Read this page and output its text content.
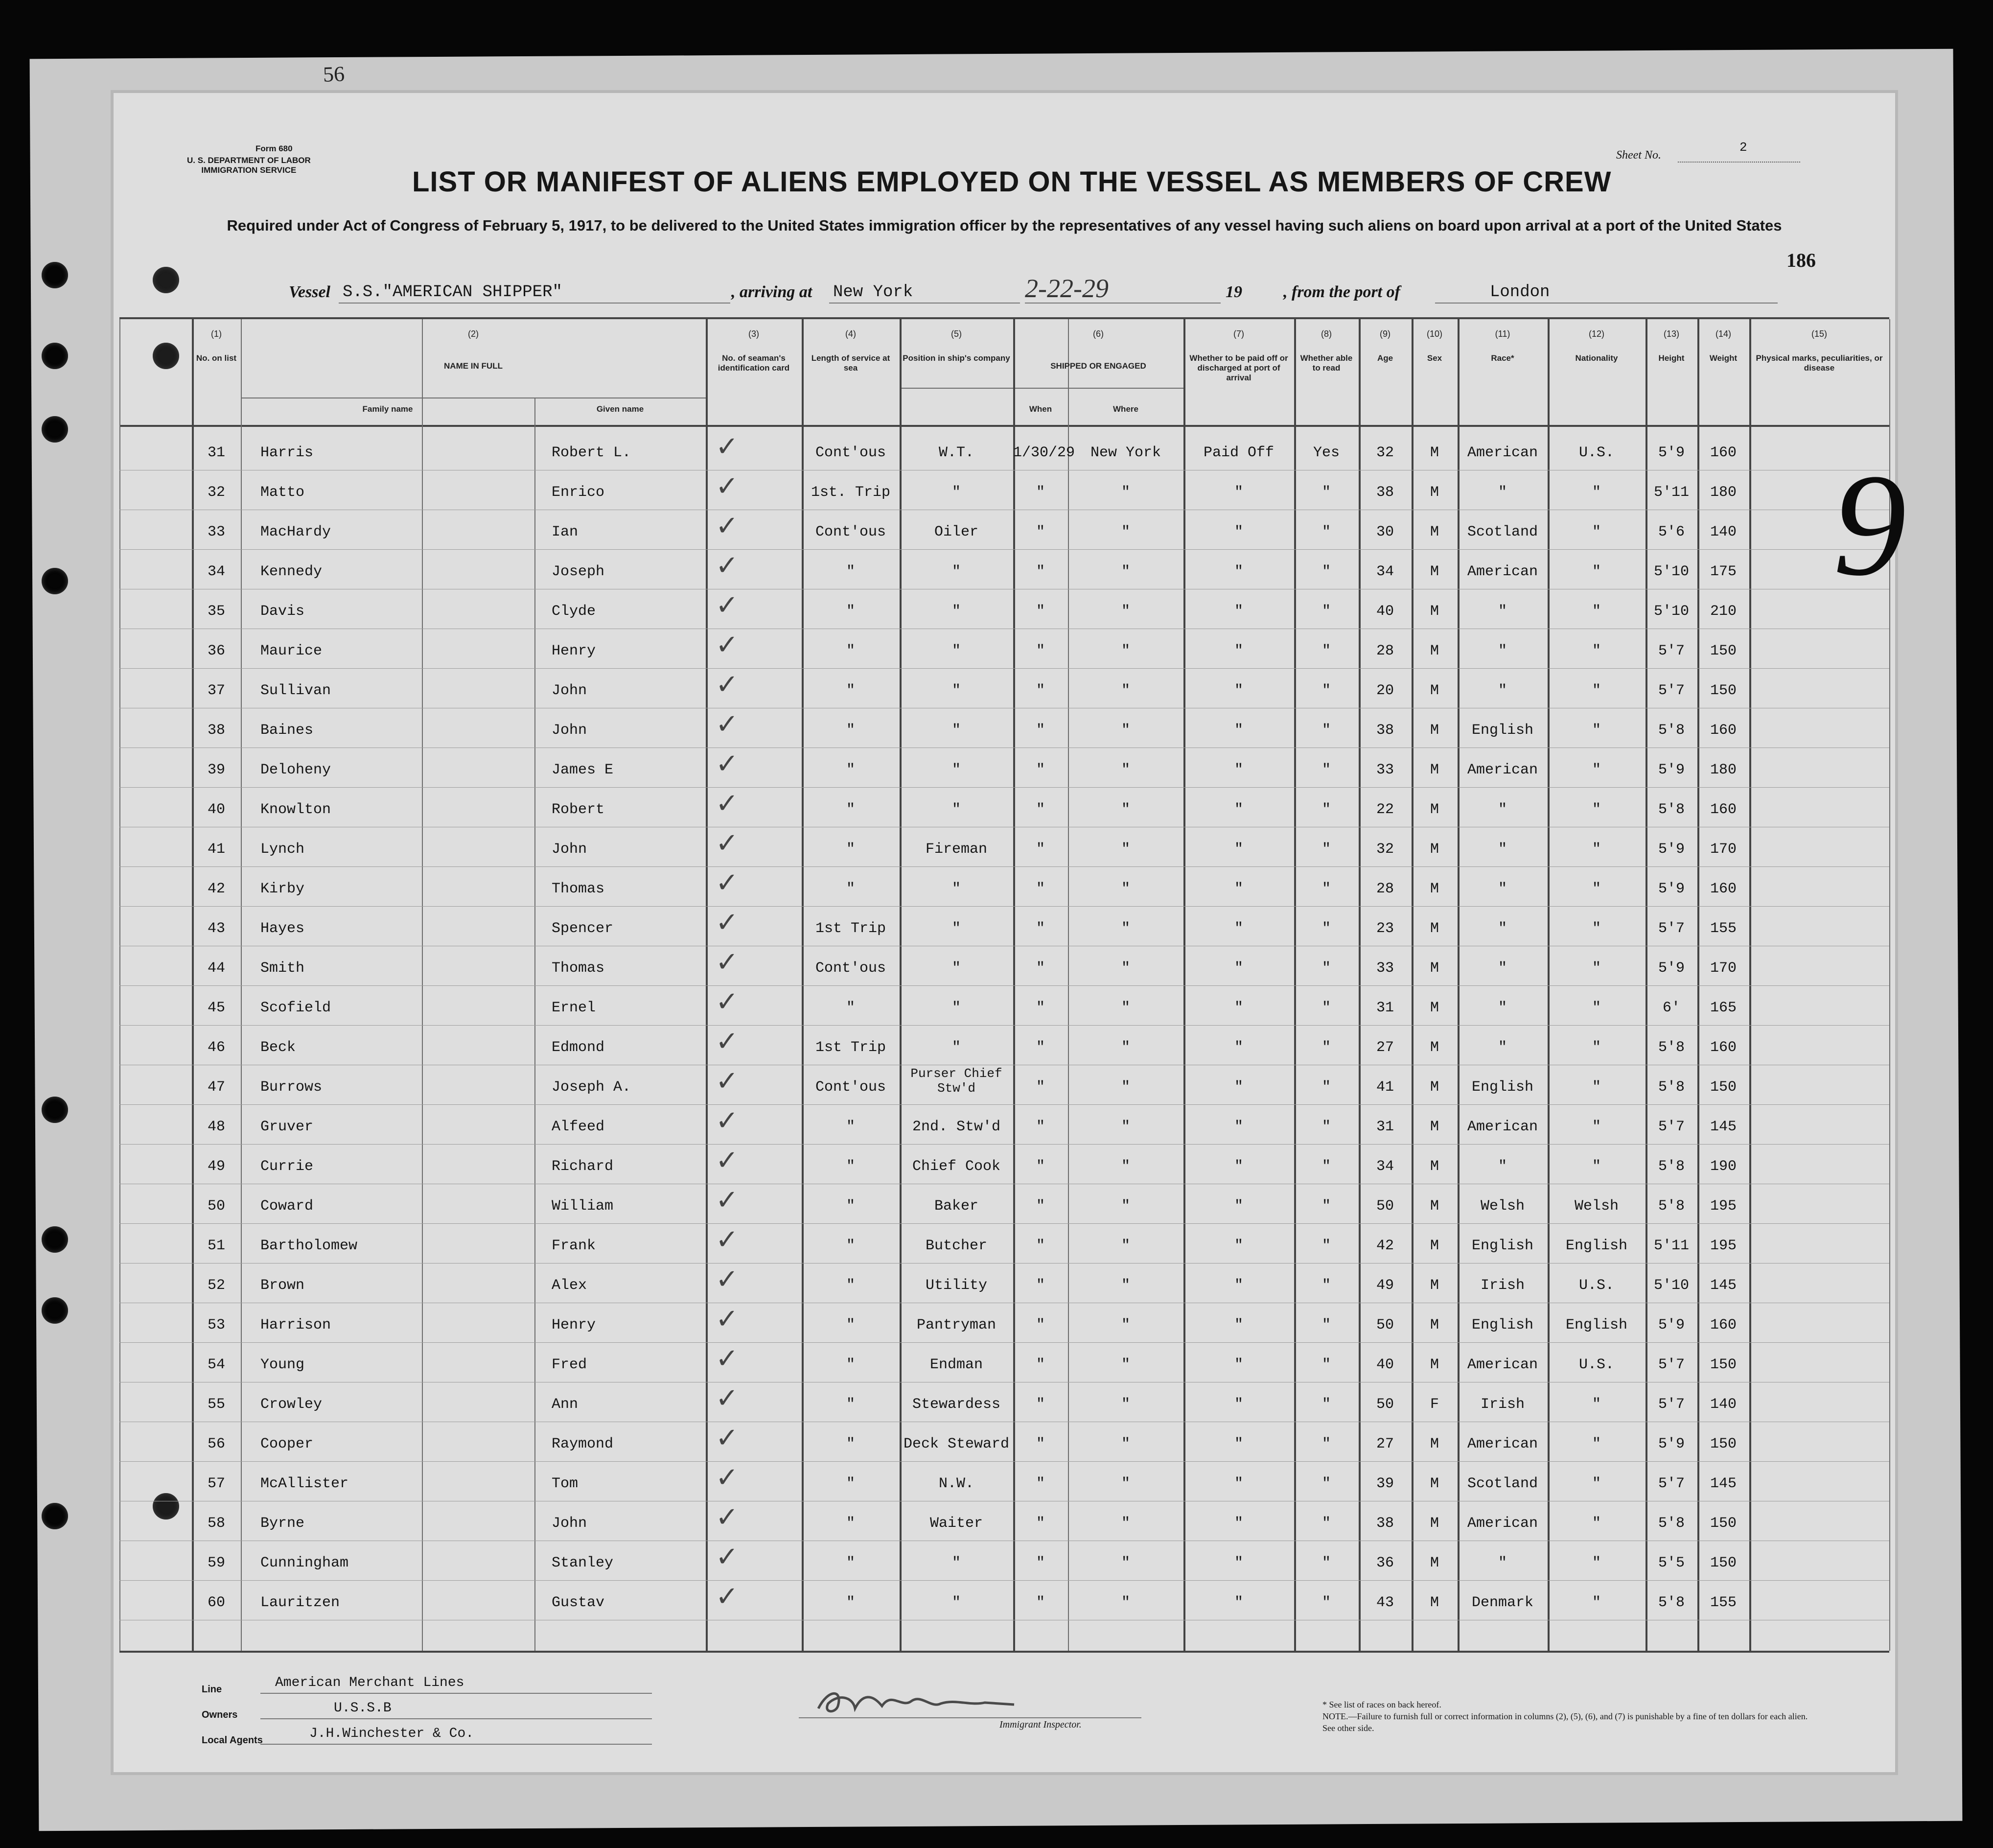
56
Form 680
U. S. DEPARTMENT OF LABOR
IMMIGRATION SERVICE
Sheet No.
2
LIST OR MANIFEST OF ALIENS EMPLOYED ON THE VESSEL AS MEMBERS OF CREW
Required under Act of Congress of February 5, 1917, to be delivered to the United States immigration officer by the representatives of any vessel having such aliens on board upon arrival at a port of the United States
186
Vessel S.S."AMERICAN SHIPPER"	, arriving at New York	2-22-29	19 , from the port of	London
(1)
No. on list
(2)
NAME IN FULL
(3)
No. of seaman's identification card
(4)
Length of service at sea
(5)
Position in ship's company
(6)
SHIPPED OR ENGAGED
(7)
Whether to be paid off or discharged at port of arrival
(8)
Whether able to read
(9)
Age
(10)
Sex
(11)
Race*
(12)
Nationality
(13)
Height
(14)
Weight
(15)
Physical marks, peculiarities, or disease
Family name	Given name	When	Where
31	Harris	Robert L.	Cont'ous	W.T.	1/30/29	New York	Paid Off	Yes	32	M	American	U.S.	5'9	160
✓
32	Matto	Enrico	1st. Trip	"	"	"	"	"	38	M	"	"	5'11	180
✓
33	MacHardy	Ian	Cont'ous	Oiler	"	"	"	"	30	M	Scotland	"	5'6	140
✓
34	Kennedy	Joseph	"	"	"	"	"	"	34	M	American	"	5'10	175
✓
35	Davis	Clyde	"	"	"	"	"	"	40	M	"	"	5'10	210
✓
36	Maurice	Henry	"	"	"	"	"	"	28	M	"	"	5'7	150
✓
37	Sullivan	John	"	"	"	"	"	"	20	M	"	"	5'7	150
✓
38	Baines	John	"	"	"	"	"	"	38	M	English	"	5'8	160
✓
39	Deloheny	James E	"	"	"	"	"	"	33	M	American	"	5'9	180
✓
40	Knowlton	Robert	"	"	"	"	"	"	22	M	"	"	5'8	160
✓
41	Lynch	John	"	Fireman	"	"	"	"	32	M	"	"	5'9	170
✓
42	Kirby	Thomas	"	"	"	"	"	"	28	M	"	"	5'9	160
✓
43	Hayes	Spencer	1st Trip	"	"	"	"	"	23	M	"	"	5'7	155
✓
44	Smith	Thomas	Cont'ous	"	"	"	"	"	33	M	"	"	5'9	170
✓
45	Scofield	Ernel	"	"	"	"	"	"	31	M	"	"	6'	165
✓
46	Beck	Edmond	1st Trip	"	"	"	"	"	27	M	"	"	5'8	160
✓
47	Burrows	Joseph A.	Cont'ous
Purser Chief Stw'd	"	"	"	"	41	M	English	"	5'8	150
✓
48	Gruver	Alfeed	"	2nd. Stw'd	"	"	"	"	31	M	American	"	5'7	145
✓
49	Currie	Richard	"	Chief Cook	"	"	"	"	34	M	"	"	5'8	190
✓
50	Coward	William	"	Baker	"	"	"	"	50	M	Welsh	Welsh	5'8	195
✓
51	Bartholomew	Frank	"	Butcher	"	"	"	"	42	M	English	English	5'11	195
✓
52	Brown	Alex	"	Utility	"	"	"	"	49	M	Irish	U.S.	5'10	145
✓
53	Harrison	Henry	"	Pantryman	"	"	"	"	50	M	English	English	5'9	160
✓
54	Young	Fred	"	Endman	"	"	"	"	40	M	American	U.S.	5'7	150
✓
55	Crowley	Ann	"	Stewardess	"	"	"	"	50	F	Irish	"	5'7	140
✓
56	Cooper	Raymond	"	Deck Steward	"	"	"	"	27	M	American	"	5'9	150
✓
57	McAllister	Tom	"	N.W.	"	"	"	"	39	M	Scotland	"	5'7	145
✓
58	Byrne	John	"	Waiter	"	"	"	"	38	M	American	"	5'8	150
✓
59	Cunningham	Stanley	"	"	"	"	"	"	36	M	"	"	5'5	150
✓
60	Lauritzen	Gustav	"	"	"	"	"	"	43	M	Denmark	"	5'8	155
✓
Immigrant Inspector.
Line	American Merchant Lines
Owners	U.S.S.B
Local Agents	J.H.Winchester & Co.
* See list of races on back hereof.
NOTE.—Failure to furnish full or correct information in columns (2), (5), (6), and (7) is punishable by a fine of ten dollars for each alien. See other side.
9
